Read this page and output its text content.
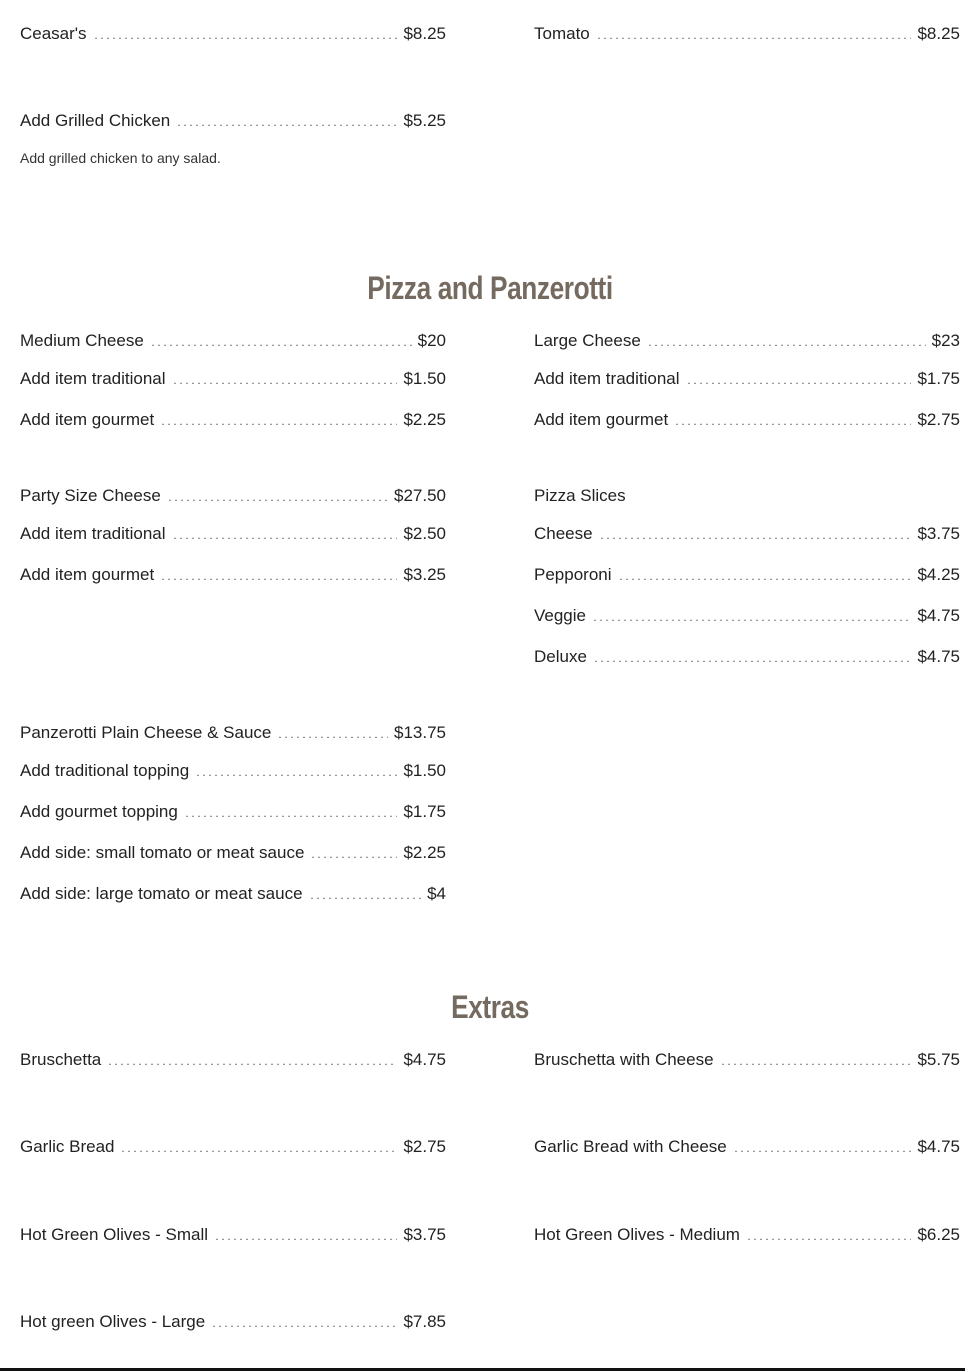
Ceasar's	$8.25	Tomato	$8.25
Add Grilled Chicken	$5.25
Add grilled chicken to any salad.
Pizza and Panzerotti
Medium Cheese	$20
Add item traditional	$1.50
Add item gourmet	$2.25
Large Cheese	$23
Add item traditional	$1.75
Add item gourmet	$2.75
Party Size Cheese	$27.50
Add item traditional	$2.50
Add item gourmet	$3.25
Pizza Slices
Cheese	$3.75
Pepporoni	$4.25
Veggie	$4.75
Deluxe	$4.75
Panzerotti Plain Cheese & Sauce	$13.75
Add traditional topping	$1.50
Add gourmet topping	$1.75
Add side: small tomato or meat sauce	$2.25
Add side: large tomato or meat sauce	$4
Extras
Bruschetta	$4.75	Bruschetta with Cheese	$5.75
Garlic Bread	$2.75	Garlic Bread with Cheese	$4.75
Hot Green Olives - Small	$3.75	Hot Green Olives - Medium	$6.25
Hot green Olives - Large	$7.85
